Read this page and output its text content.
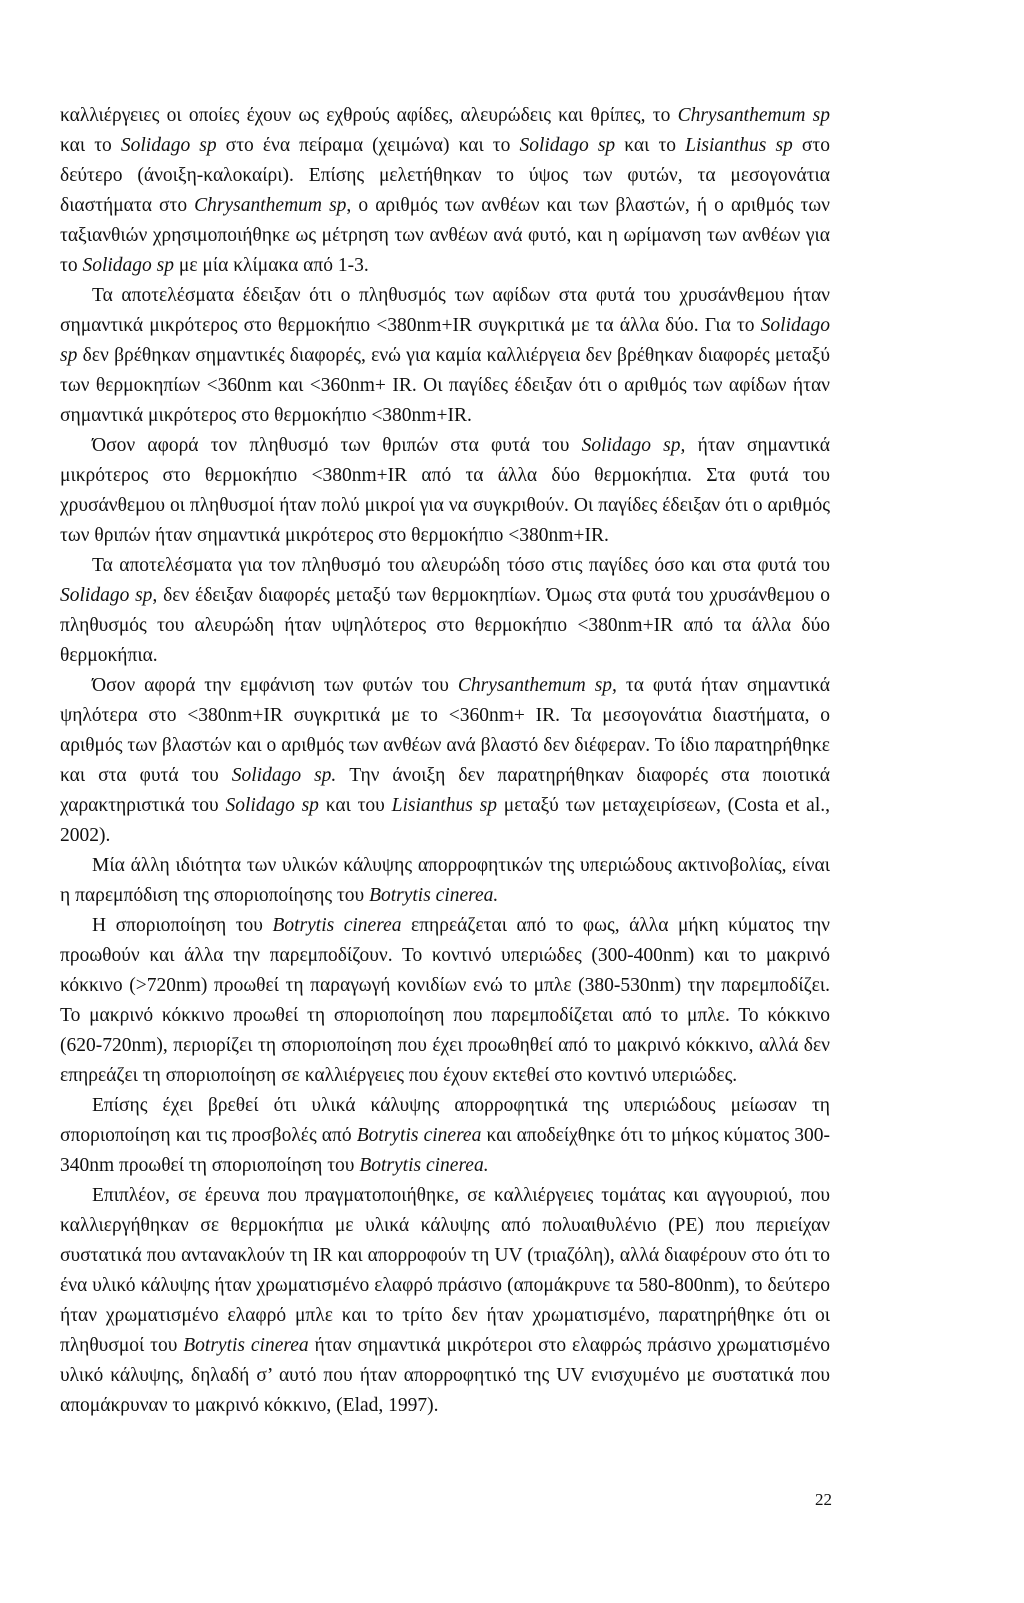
καλλιέργειες οι οποίες έχουν ως εχθρούς αφίδες, αλευρώδεις και θρίπες, το Chrysanthemum sp και το Solidago sp στο ένα πείραμα (χειμώνα) και το Solidago sp και το Lisianthus sp στο δεύτερο (άνοιξη-καλοκαίρι). Επίσης μελετήθηκαν το ύψος των φυτών, τα μεσογονάτια διαστήματα στο Chrysanthemum sp, ο αριθμός των ανθέων και των βλαστών, ή ο αριθμός των ταξιανθιών χρησιμοποιήθηκε ως μέτρηση των ανθέων ανά φυτό, και η ωρίμανση των ανθέων για το Solidago sp με μία κλίμακα από 1-3.

Τα αποτελέσματα έδειξαν ότι ο πληθυσμός των αφίδων στα φυτά του χρυσάνθεμου ήταν σημαντικά μικρότερος στο θερμοκήπιο <380nm+IR συγκριτικά με τα άλλα δύο. Για το Solidago sp δεν βρέθηκαν σημαντικές διαφορές, ενώ για καμία καλλιέργεια δεν βρέθηκαν διαφορές μεταξύ των θερμοκηπίων <360nm και <360nm+ IR. Οι παγίδες έδειξαν ότι ο αριθμός των αφίδων ήταν σημαντικά μικρότερος στο θερμοκήπιο <380nm+IR.

Όσον αφορά τον πληθυσμό των θριπών στα φυτά του Solidago sp, ήταν σημαντικά μικρότερος στο θερμοκήπιο <380nm+IR από τα άλλα δύο θερμοκήπια. Στα φυτά του χρυσάνθεμου οι πληθυσμοί ήταν πολύ μικροί για να συγκριθούν. Οι παγίδες έδειξαν ότι ο αριθμός των θριπών ήταν σημαντικά μικρότερος στο θερμοκήπιο <380nm+IR.

Τα αποτελέσματα για τον πληθυσμό του αλευρώδη τόσο στις παγίδες όσο και στα φυτά του Solidago sp, δεν έδειξαν διαφορές μεταξύ των θερμοκηπίων. Όμως στα φυτά του χρυσάνθεμου ο πληθυσμός του αλευρώδη ήταν υψηλότερος στο θερμοκήπιο <380nm+IR από τα άλλα δύο θερμοκήπια.

Όσον αφορά την εμφάνιση των φυτών του Chrysanthemum sp, τα φυτά ήταν σημαντικά ψηλότερα στο <380nm+IR συγκριτικά με το <360nm+ IR. Τα μεσογονάτια διαστήματα, ο αριθμός των βλαστών και ο αριθμός των ανθέων ανά βλαστό δεν διέφεραν. Το ίδιο παρατηρήθηκε και στα φυτά του Solidago sp. Την άνοιξη δεν παρατηρήθηκαν διαφορές στα ποιοτικά χαρακτηριστικά του Solidago sp και του Lisianthus sp μεταξύ των μεταχειρίσεων, (Costa et al., 2002).

Μία άλλη ιδιότητα των υλικών κάλυψης απορροφητικών της υπεριώδους ακτινοβολίας, είναι η παρεμπόδιση της σποριοποίησης του Botrytis cinerea.

Η σποριοποίηση του Botrytis cinerea επηρεάζεται από το φως, άλλα μήκη κύματος την προωθούν και άλλα την παρεμποδίζουν. Το κοντινό υπεριώδες (300-400nm) και το μακρινό κόκκινο (>720nm) προωθεί τη παραγωγή κονιδίων ενώ το μπλε (380-530nm) την παρεμποδίζει. Το μακρινό κόκκινο προωθεί τη σποριοποίηση που παρεμποδίζεται από το μπλε. Το κόκκινο (620-720nm), περιορίζει τη σποριοποίηση που έχει προωθηθεί από το μακρινό κόκκινο, αλλά δεν επηρεάζει τη σποριοποίηση σε καλλιέργειες που έχουν εκτεθεί στο κοντινό υπεριώδες.

Επίσης έχει βρεθεί ότι υλικά κάλυψης απορροφητικά της υπεριώδους μείωσαν τη σποριοποίηση και τις προσβολές από Botrytis cinerea και αποδείχθηκε ότι το μήκος κύματος 300-340nm προωθεί τη σποριοποίηση του Botrytis cinerea.

Επιπλέον, σε έρευνα που πραγματοποιήθηκε, σε καλλιέργειες τομάτας και αγγουριού, που καλλιεργήθηκαν σε θερμοκήπια με υλικά κάλυψης από πολυαιθυλένιο (PE) που περιείχαν συστατικά που αντανακλούν τη IR και απορροφούν τη UV (τριαζόλη), αλλά διαφέρουν στο ότι το ένα υλικό κάλυψης ήταν χρωματισμένο ελαφρό πράσινο (απομάκρυνε τα 580-800nm), το δεύτερο ήταν χρωματισμένο ελαφρό μπλε και το τρίτο δεν ήταν χρωματισμένο, παρατηρήθηκε ότι οι πληθυσμοί του Botrytis cinerea ήταν σημαντικά μικρότεροι στο ελαφρώς πράσινο χρωματισμένο υλικό κάλυψης, δηλαδή σ’ αυτό που ήταν απορροφητικό της UV ενισχυμένο με συστατικά που απομάκρυναν το μακρινό κόκκινο, (Elad, 1997).

22
